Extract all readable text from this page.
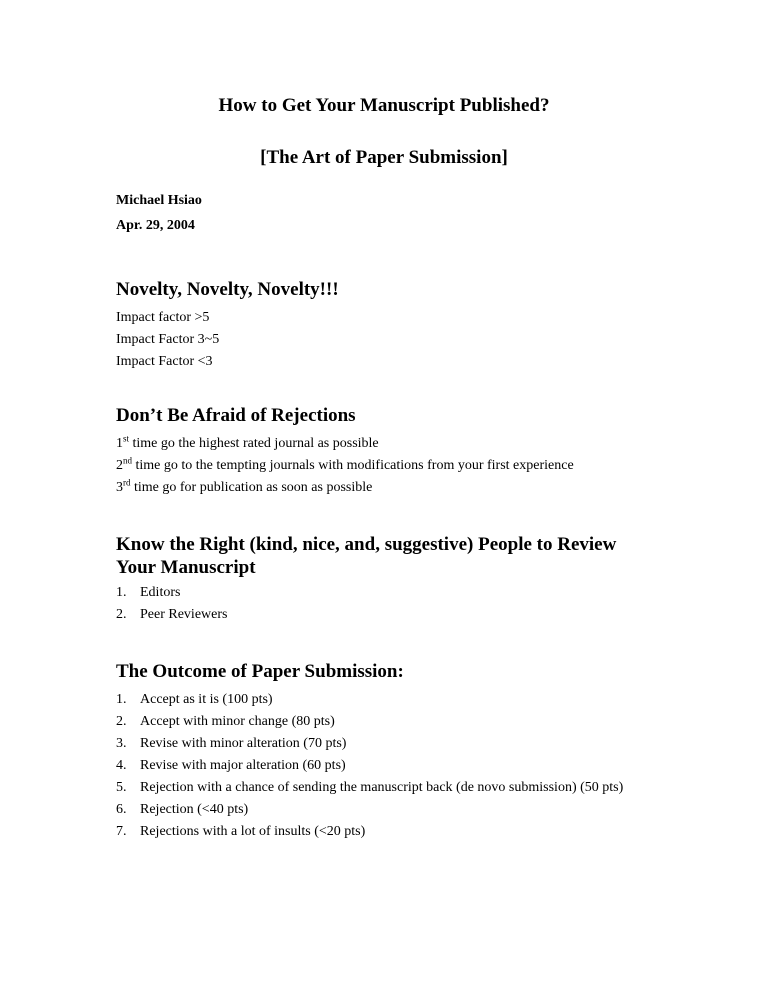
How to Get Your Manuscript Published?
[The Art of Paper Submission]

Michael Hsiao

Apr. 29, 2004

Novelty, Novelty, Novelty!!!

Impact factor >5

Impact Factor 3~5

Impact Factor <3

Don’t Be Afraid of Rejections

1st time go the highest rated journal as possible

2nd time go to the tempting journals with modifications from your first experience

3rd time go for publication as soon as possible

Know the Right (kind, nice, and, suggestive) People to Review Your Manuscript
1. Editors
2. Peer Reviewers
The Outcome of Paper Submission:
1. Accept as it is (100 pts)
2. Accept with minor change (80 pts)
3. Revise with minor alteration (70 pts)
4. Revise with major alteration (60 pts)
5. Rejection with a chance of sending the manuscript back (de novo submission) (50 pts)
6. Rejection (<40 pts)
7. Rejections with a lot of insults (<20 pts)
